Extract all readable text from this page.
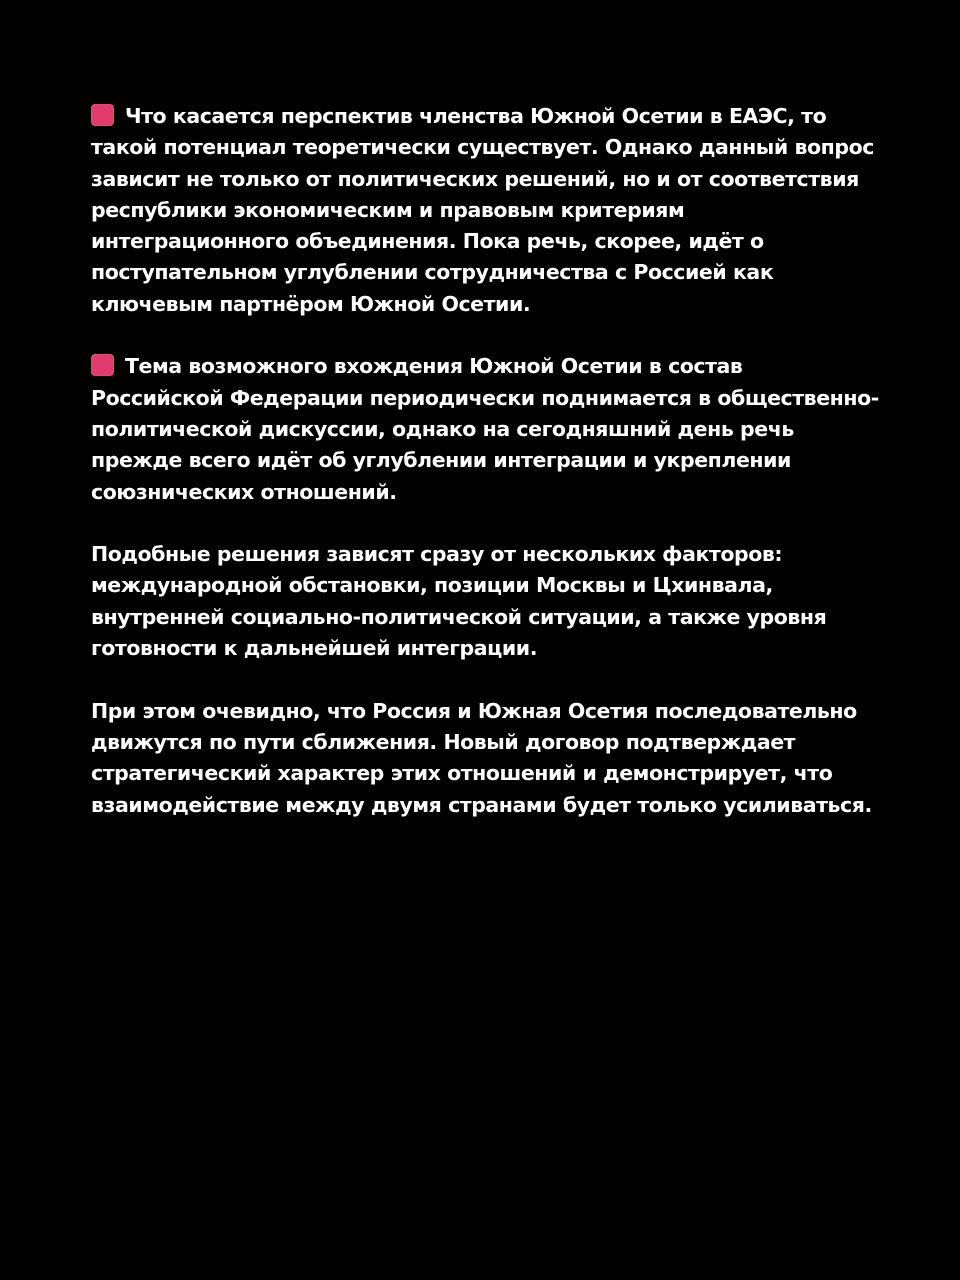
Что касается перспектив членства Южной Осетии в ЕАЭС, то
такой потенциал теоретически существует. Однако данный вопрос
зависит не только от политических решений, но и от соответствия
республики экономическим и правовым критериям
интеграционного объединения. Пока речь, скорее, идёт о
поступательном углублении сотрудничества с Россией как
ключевым партнёром Южной Осетии.
Тема возможного вхождения Южной Осетии в состав
Российской Федерации периодически поднимается в общественно-
политической дискуссии, однако на сегодняшний день речь
прежде всего идёт об углублении интеграции и укреплении
союзнических отношений.
Подобные решения зависят сразу от нескольких факторов:
международной обстановки, позиции Москвы и Цхинвала,
внутренней социально-политической ситуации, а также уровня
готовности к дальнейшей интеграции.
При этом очевидно, что Россия и Южная Осетия последовательно
движутся по пути сближения. Новый договор подтверждает
стратегический характер этих отношений и демонстрирует, что
взаимодействие между двумя странами будет только усиливаться.
